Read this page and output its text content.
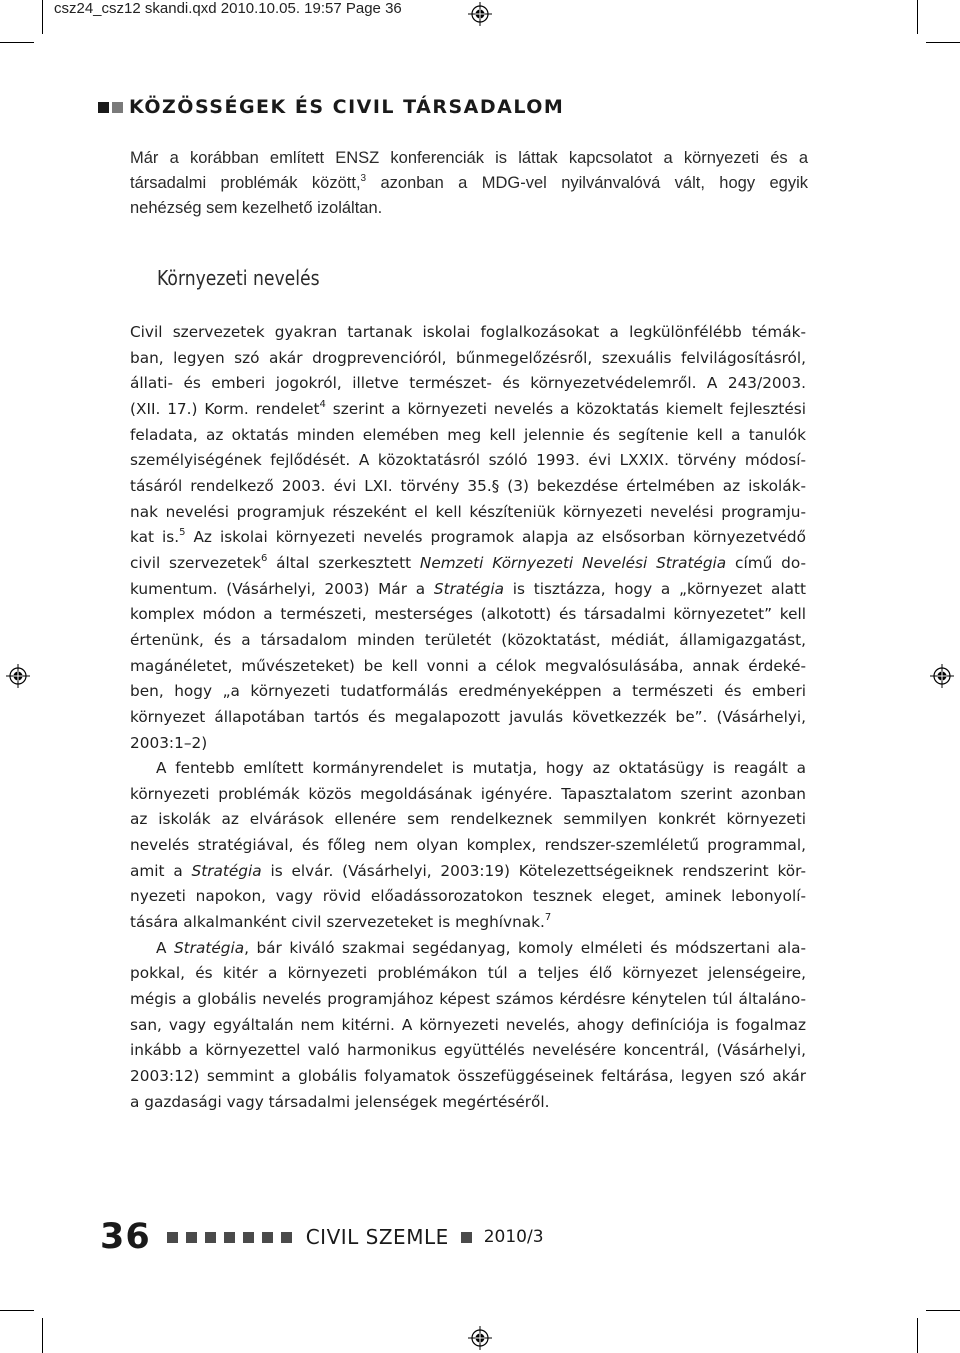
csz24_csz12 skandi.qxd 2010.10.05. 19:57 Page 36
KÖZÖSSÉGEK ÉS CIVIL TÁRSADALOM
Már a korábban említett ENSZ konferenciák is láttak kapcsolatot a környezeti és a
társadalmi problémák között,$^3$ azonban a MDG-vel nyilvánvalóvá vált, hogy egyik
nehézség sem kezelhető izoláltan.
Környezeti nevelés
Civil szervezetek gyakran tartanak iskolai foglalkozásokat a legkülönfélébb témák-
ban, legyen szó akár drogprevencióról, bűnmegelőzésről, szexuális felvilágosításról,
állati- és emberi jogokról, illetve természet- és környezetvédelemről. A 243/2003.
(XII. 17.) Korm. rendelet$^4$ szerint a környezeti nevelés a közoktatás kiemelt fejlesztési
feladata, az oktatás minden elemében meg kell jelennie és segítenie kell a tanulók
személyiségének fejlődését. A közoktatásról szóló 1993. évi LXXIX. törvény módosí-
tásáról rendelkező 2003. évi LXI. törvény 35.§ (3) bekezdése értelmében az iskolák-
nak nevelési programjuk részeként el kell készíteniük környezeti nevelési programju-
kat is.$^5$ Az iskolai környezeti nevelés programok alapja az elsősorban környezetvédő
civil szervezetek$^6$ által szerkesztett Nemzeti Környezeti Nevelési Stratégia című do-
kumentum. (Vásárhelyi, 2003) Már a Stratégia is tisztázza, hogy a „környezet alatt
komplex módon a természeti, mesterséges (alkotott) és társadalmi környezetet” kell
értenünk, és a társadalom minden területét (közoktatást, médiát, államigazgatást,
magánéletet, művészeteket) be kell vonni a célok megvalósulásába, annak érdeké-
ben, hogy „a környezeti tudatformálás eredményeképpen a természeti és emberi
környezet állapotában tartós és megalapozott javulás következzék be”. (Vásárhelyi,
2003:1–2)
A fentebb említett kormányrendelet is mutatja, hogy az oktatásügy is reagált a
környezeti problémák közös megoldásának igényére. Tapasztalatom szerint azonban
az iskolák az elvárások ellenére sem rendelkeznek semmilyen konkrét környezeti
nevelés stratégiával, és főleg nem olyan komplex, rendszer-szemléletű programmal,
amit a Stratégia is elvár. (Vásárhelyi, 2003:19) Kötelezettségeiknek rendszerint kör-
nyezeti napokon, vagy rövid előadássorozatokon tesznek eleget, aminek lebonyolí-
tására alkalmanként civil szervezeteket is meghívnak.$^7$
A Stratégia, bár kiváló szakmai segédanyag, komoly elméleti és módszertani ala-
pokkal, és kitér a környezeti problémákon túl a teljes élő környezet jelenségeire,
mégis a globális nevelés programjához képest számos kérdésre kénytelen túl általáno-
san, vagy egyáltalán nem kitérni. A környezeti nevelés, ahogy definíciója is fogalmaz
inkább a környezettel való harmonikus együttélés nevelésére koncentrál, (Vásárhelyi,
2003:12) semmint a globális folyamatok összefüggéseinek feltárása, legyen szó akár
a gazdasági vagy társadalmi jelenségek megértéséről.
36	CIVIL SZEMLE 2010/3
